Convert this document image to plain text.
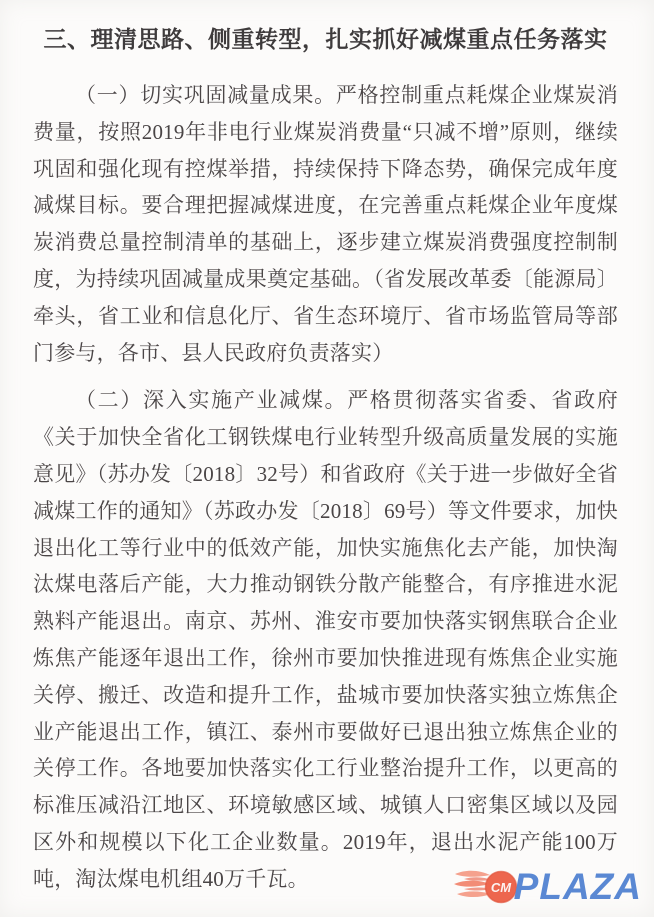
三、理清思路、侧重转型，扎实抓好减煤重点任务落实

（一）切实巩固减量成果。严格控制重点耗煤企业煤炭消费量，按照2019年非电行业煤炭消费量“只减不增”原则，继续巩固和强化现有控煤举措，持续保持下降态势，确保完成年度减煤目标。要合理把握减煤进度，在完善重点耗煤企业年度煤炭消费总量控制清单的基础上，逐步建立煤炭消费强度控制制度，为持续巩固减量成果奠定基础。（省发展改革委〔能源局〕牵头，省工业和信息化厅、省生态环境厅、省市场监管局等部门参与，各市、县人民政府负责落实）

（二）深入实施产业减煤。严格贯彻落实省委、省政府《关于加快全省化工钢铁煤电行业转型升级高质量发展的实施意见》（苏办发〔2018〕32号）和省政府《关于进一步做好全省减煤工作的通知》（苏政办发〔2018〕69号）等文件要求，加快退出化工等行业中的低效产能，加快实施焦化去产能，加快淘汰煤电落后产能，大力推动钢铁分散产能整合，有序推进水泥熟料产能退出。南京、苏州、淮安市要加快落实钢焦联合企业炼焦产能逐年退出工作，徐州市要加快推进现有炼焦企业实施关停、搬迁、改造和提升工作，盐城市要加快落实独立炼焦企业产能退出工作，镇江、泰州市要做好已退出独立炼焦企业的关停工作。各地要加快落实化工行业整治提升工作，以更高的标准压减沿江地区、环境敏感区域、城镇人口密集区域以及园区外和规模以下化工企业数量。2019年，退出水泥产能100万吨，淘汰煤电机组40万千瓦。	CM PLAZA
